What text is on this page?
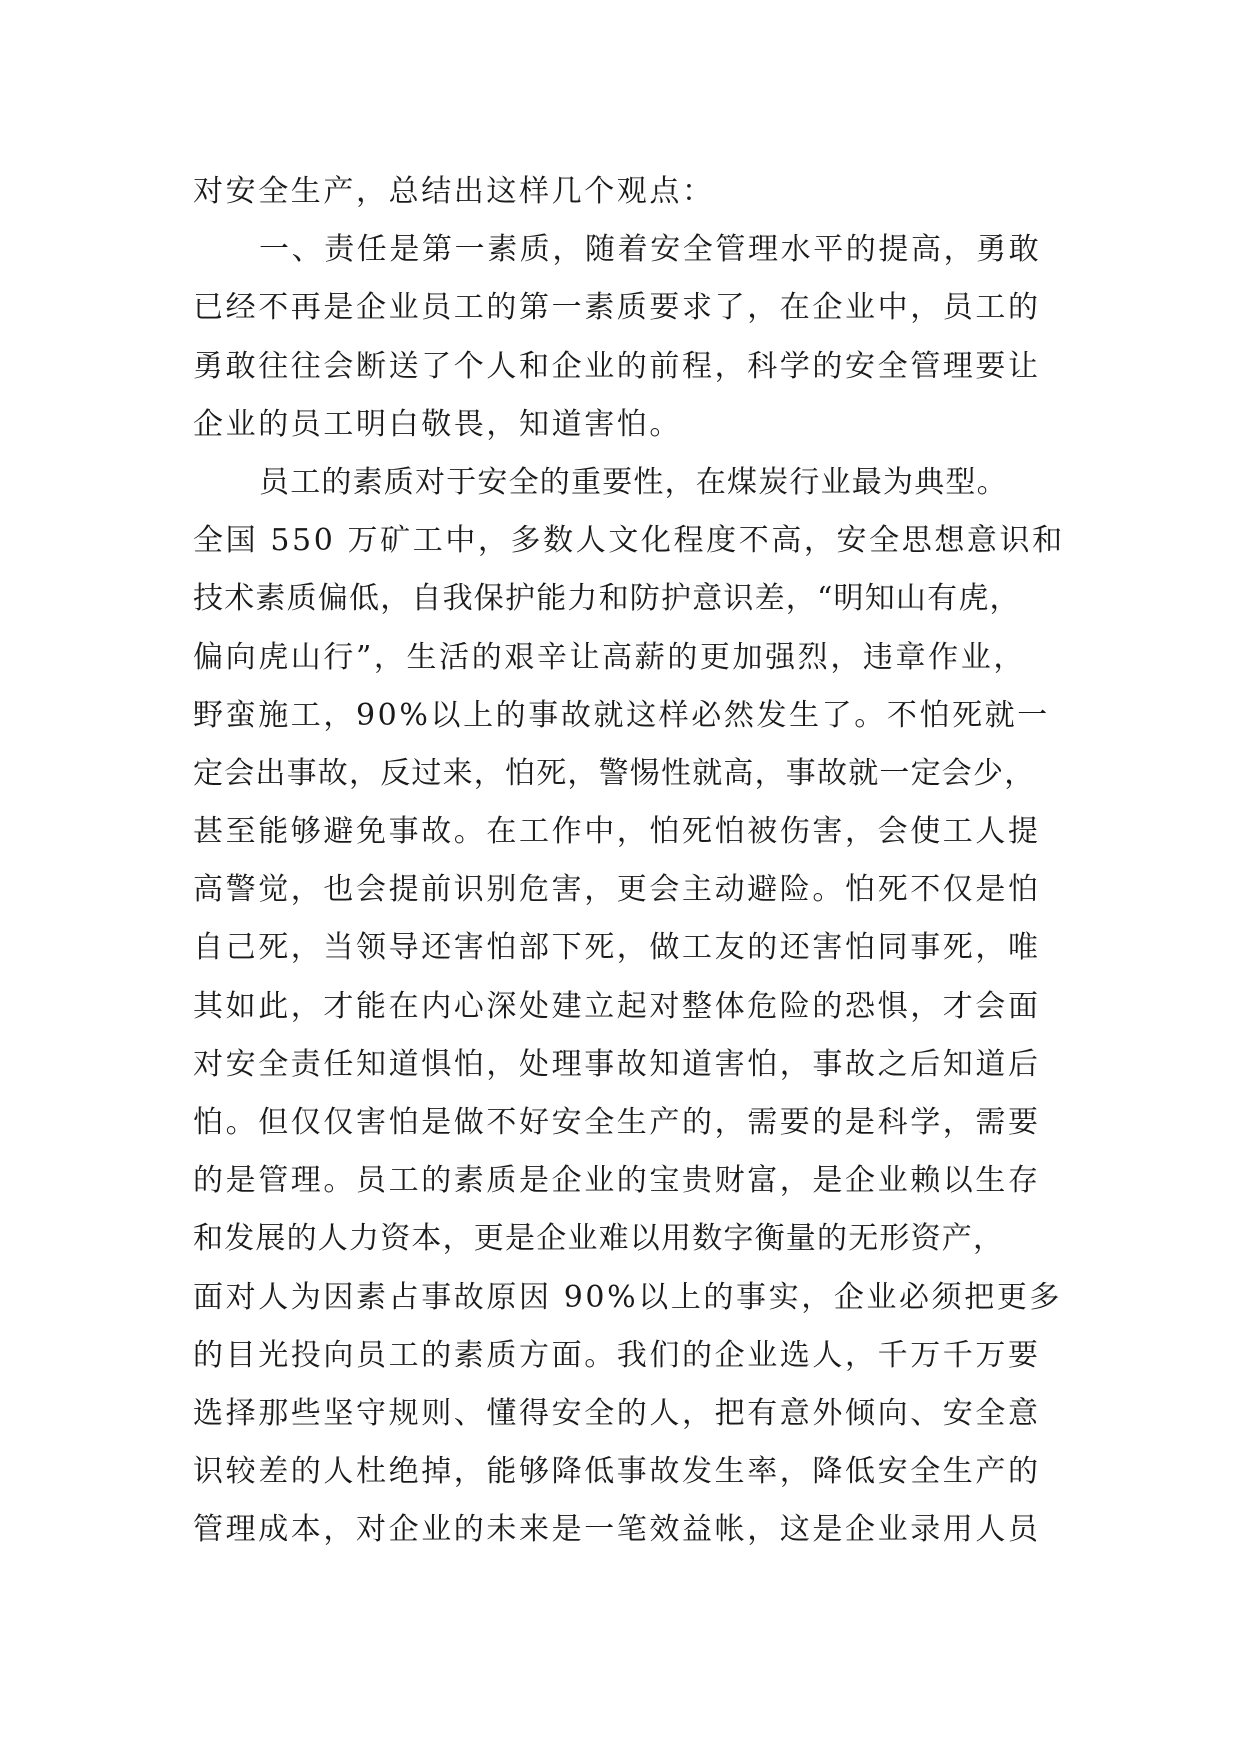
对安全生产，总结出这样几个观点：
一、责任是第一素质，随着安全管理水平的提高，勇敢
已经不再是企业员工的第一素质要求了，在企业中，员工的
勇敢往往会断送了个人和企业的前程，科学的安全管理要让
企业的员工明白敬畏，知道害怕。
员工的素质对于安全的重要性，在煤炭行业最为典型。
全国 550 万矿工中，多数人文化程度不高，安全思想意识和
技术素质偏低，自我保护能力和防护意识差，“明知山有虎，
偏向虎山行”，生活的艰辛让高薪的更加强烈，违章作业，
野蛮施工，90%以上的事故就这样必然发生了。不怕死就一
定会出事故，反过来，怕死，警惕性就高，事故就一定会少，
甚至能够避免事故。在工作中，怕死怕被伤害，会使工人提
高警觉，也会提前识别危害，更会主动避险。怕死不仅是怕
自己死，当领导还害怕部下死，做工友的还害怕同事死，唯
其如此，才能在内心深处建立起对整体危险的恐惧，才会面
对安全责任知道惧怕，处理事故知道害怕，事故之后知道后
怕。但仅仅害怕是做不好安全生产的，需要的是科学，需要
的是管理。员工的素质是企业的宝贵财富，是企业赖以生存
和发展的人力资本，更是企业难以用数字衡量的无形资产，
面对人为因素占事故原因 90%以上的事实，企业必须把更多
的目光投向员工的素质方面。我们的企业选人，千万千万要
选择那些坚守规则、懂得安全的人，把有意外倾向、安全意
识较差的人杜绝掉，能够降低事故发生率，降低安全生产的
管理成本，对企业的未来是一笔效益帐，这是企业录用人员
